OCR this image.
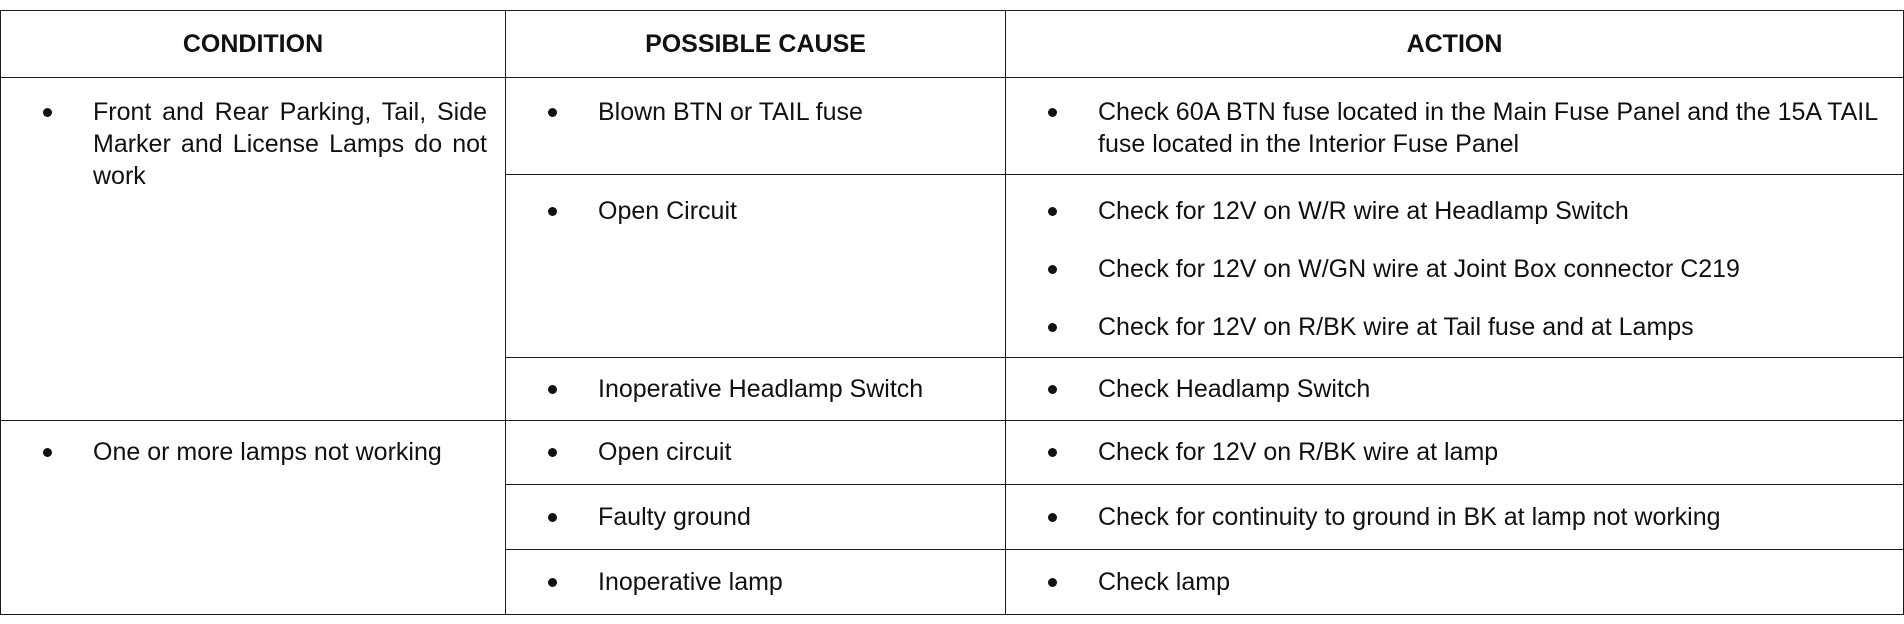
CONDITION	POSSIBLE CAUSE	ACTION

Front and Rear Parking, Tail, Side Marker and License Lamps do not work	Blown BTN or TAIL fuse	Check 60A BTN fuse located in the Main Fuse Panel and the 15A TAIL fuse located in the Interior Fuse Panel

Open Circuit	Check for 12V on W/R wire at Headlamp Switch
Check for 12V on W/GN wire at Joint Box connector C219
Check for 12V on R/BK wire at Tail fuse and at Lamps

Inoperative Headlamp Switch	Check Headlamp Switch

One or more lamps not working	Open circuit	Check for 12V on R/BK wire at lamp

Faulty ground	Check for continuity to ground in BK at lamp not working

Inoperative lamp	Check lamp
